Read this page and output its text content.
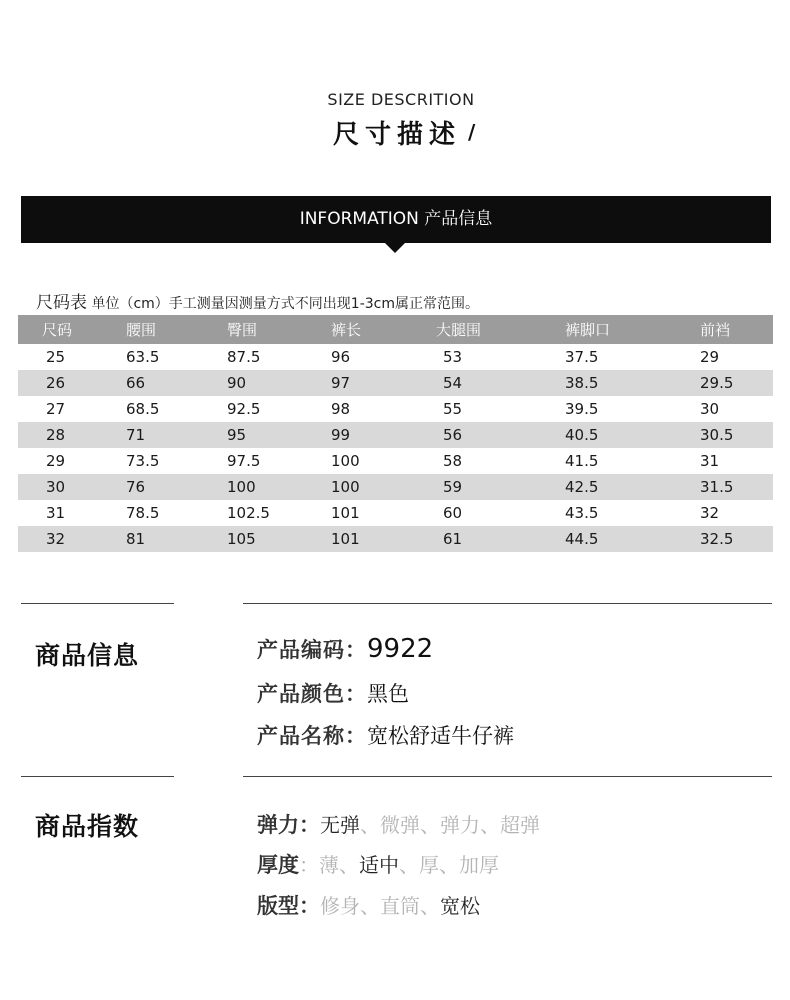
SIZE DESCRITION
尺寸描述 /
INFORMATION 产品信息
尺码表 单位（cm）手工测量因测量方式不同出现1-3cm属正常范围。
尺码	腰围	臀围	裤长	大腿围	裤脚口	前裆
25	63.5	87.5	96	53	37.5	29
26	66	90	97	54	38.5	29.5
27	68.5	92.5	98	55	39.5	30
28	71	95	99	56	40.5	30.5
29	73.5	97.5	100	58	41.5	31
30	76	100	100	59	42.5	31.5
31	78.5	102.5	101	60	43.5	32
32	81	105	101	61	44.5	32.5
商品信息	产品编码：9922
产品颜色：黑色
产品名称：宽松舒适牛仔裤
商品指数	弹力：无弹、微弹、弹力、超弹
厚度：薄、适中、厚、加厚
版型：修身、直筒、宽松
